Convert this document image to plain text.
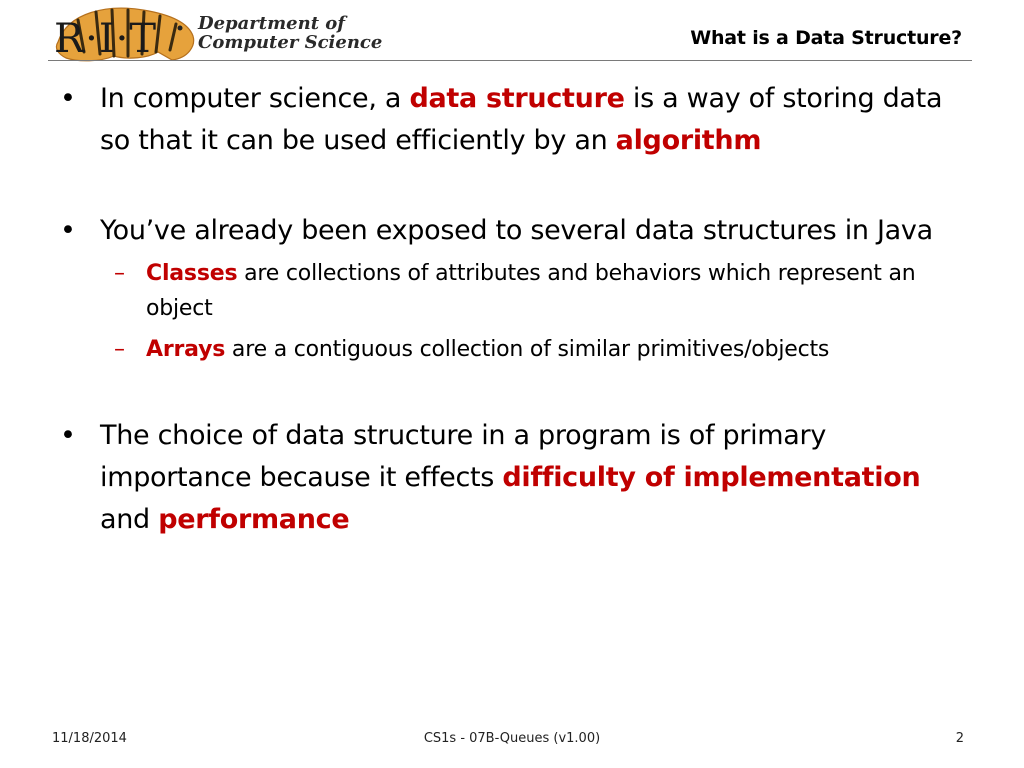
R·I·T Department of
Computer Science	What is a Data Structure?
• In computer science, a data structure is a way of storing data so that it can be used efficiently by an algorithm
• You’ve already been exposed to several data structures in Java
– Classes are collections of attributes and behaviors which represent an object
– Arrays are a contiguous collection of similar primitives/objects
• The choice of data structure in a program is of primary importance because it effects difficulty of implementation and performance
11/18/2014	CS1s - 07B-Queues (v1.00)	2
